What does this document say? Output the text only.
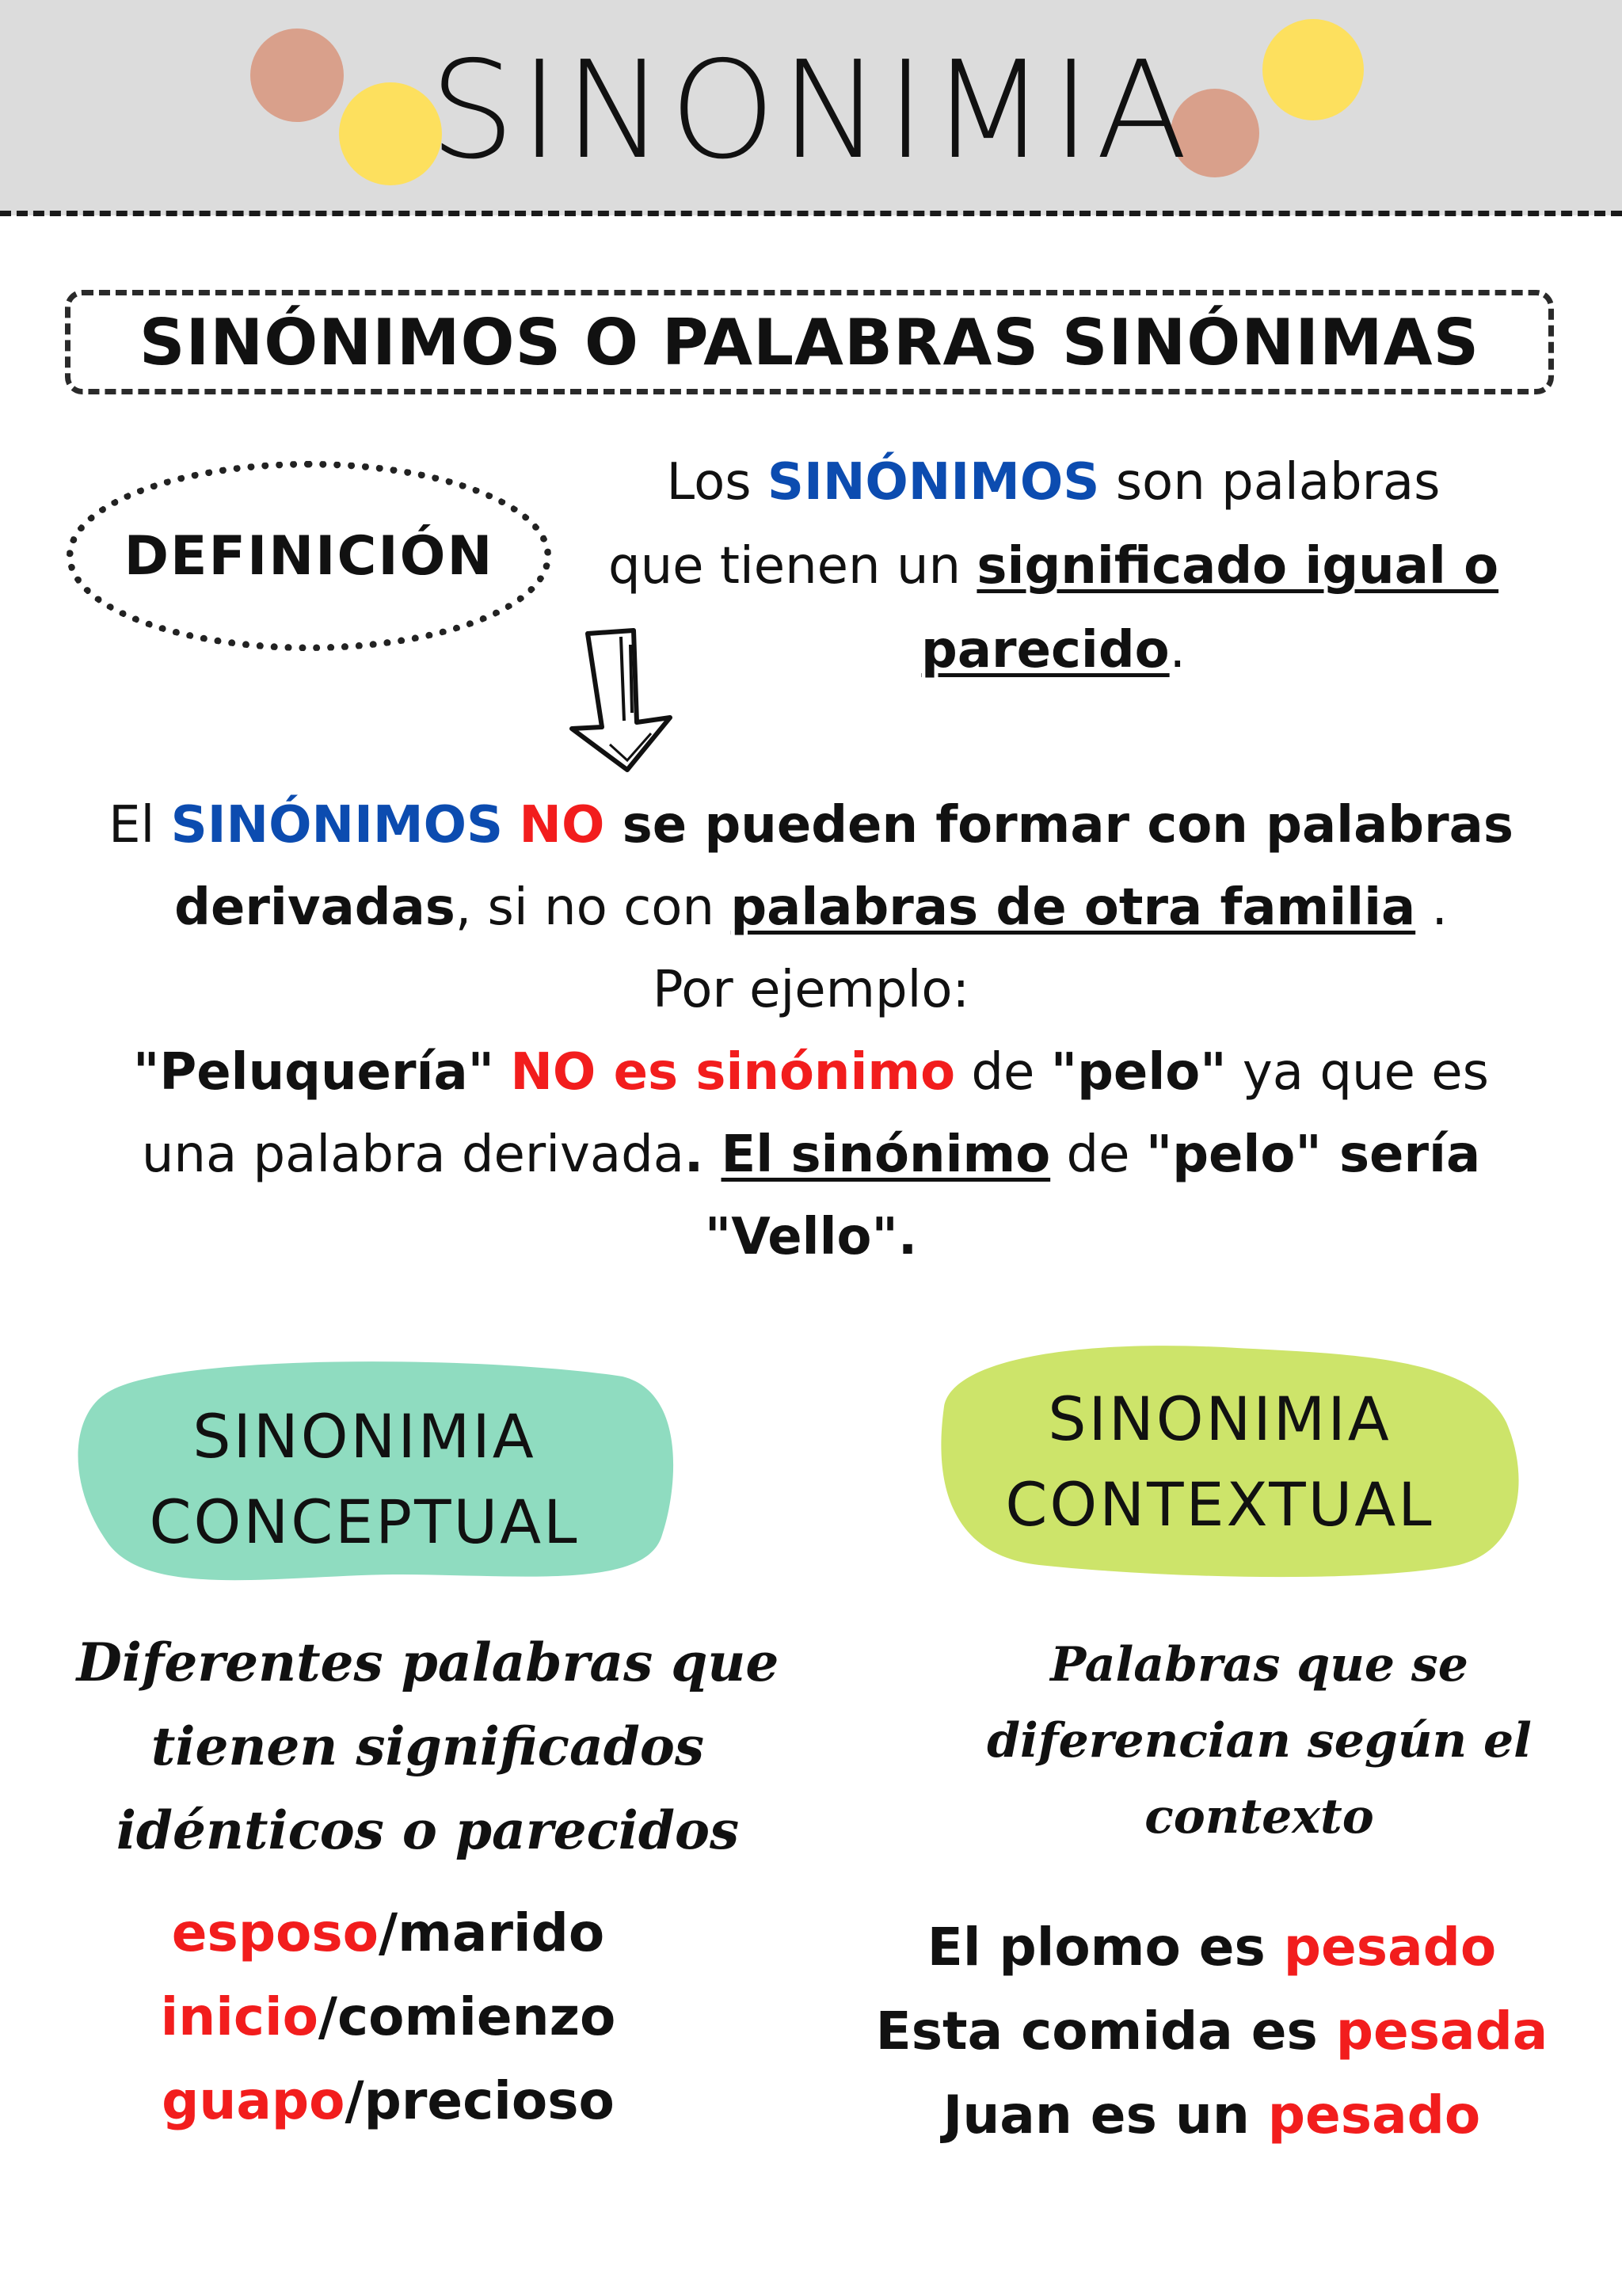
SINONIMIA
SINÓNIMOS O PALABRAS SINÓNIMAS
DEFINICIÓN
Los SINÓNIMOS son palabras
que tienen un significado igual o
parecido.
El SINÓNIMOS NO se pueden formar con palabras
derivadas, si no con palabras de otra familia .
Por ejemplo:
"Peluquería" NO es sinónimo de "pelo" ya que es
una palabra derivada. El sinónimo de "pelo" sería
"Vello".
SINONIMIA
CONCEPTUAL
Diferentes palabras que
tienen significados
idénticos o parecidos
esposo/marido
inicio/comienzo
guapo/precioso
SINONIMIA
CONTEXTUAL
Palabras que se
diferencian según el
contexto
El plomo es pesado
Esta comida es pesada
Juan es un pesado
